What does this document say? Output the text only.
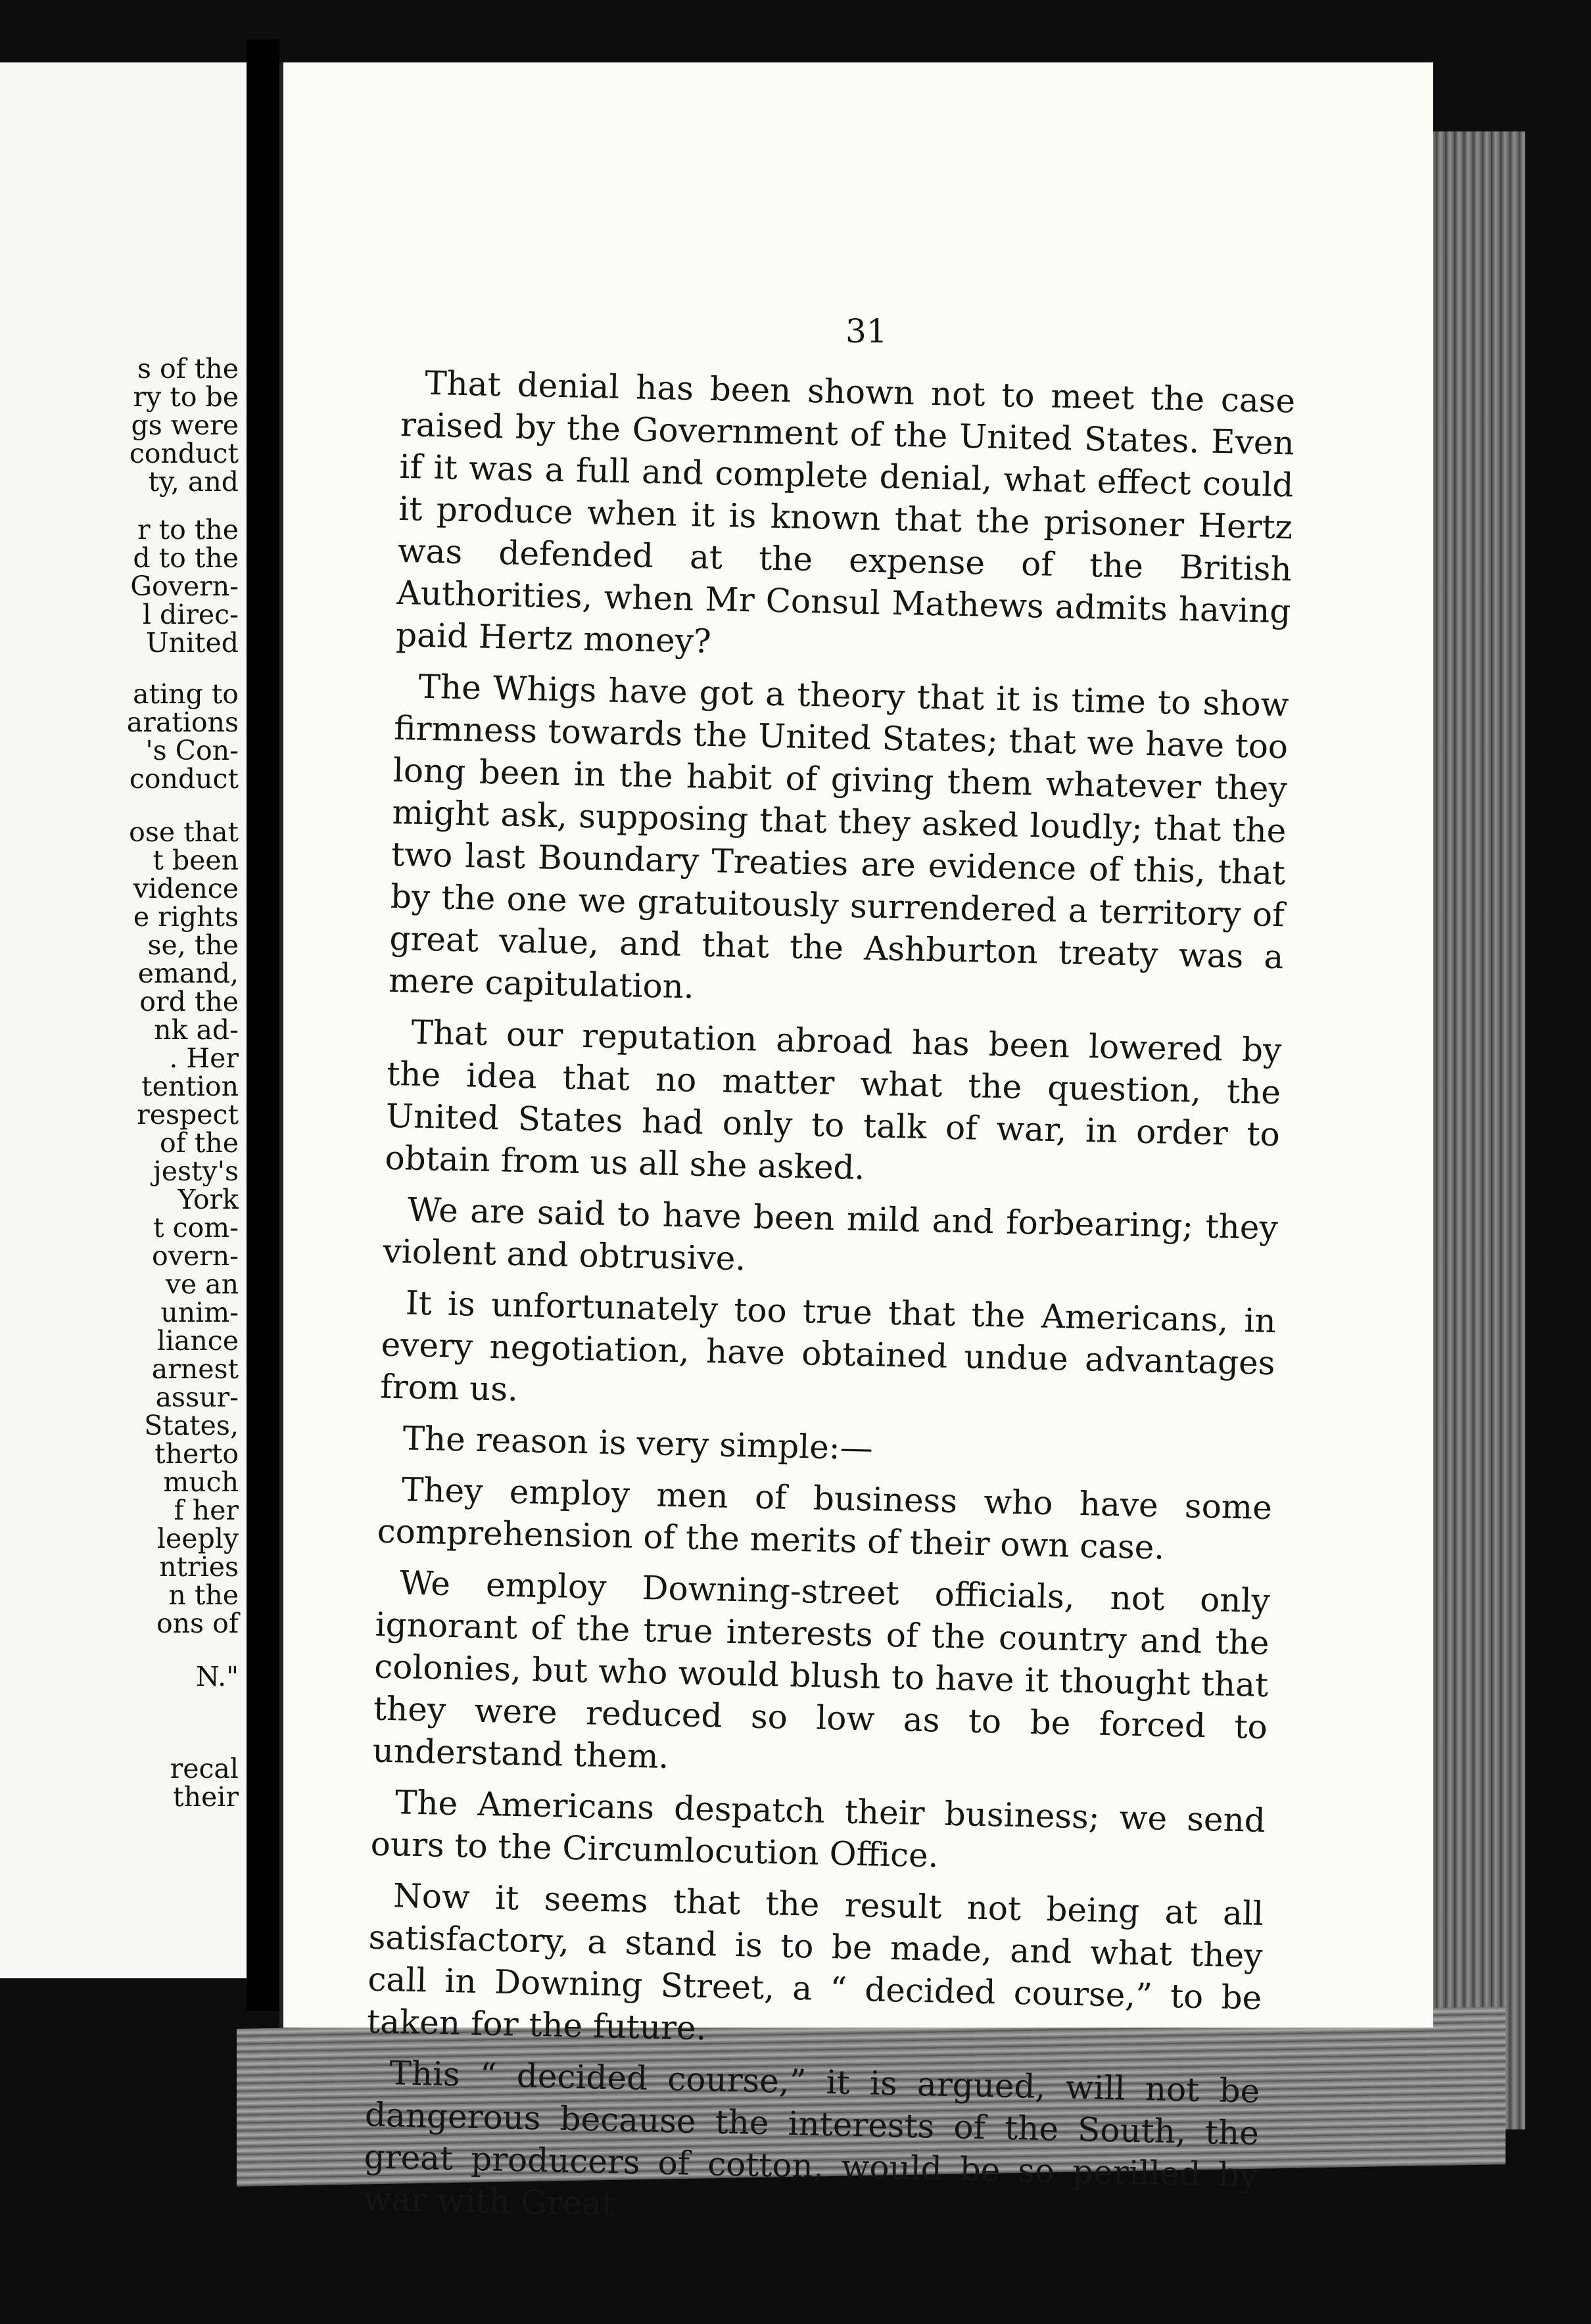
s of the
ry to be
gs were
conduct
ty, and
r to the
d to the
Govern-
l direc-
United
ating to
arations
's Con-
conduct
ose that
t been
vidence
e rights
se, the
emand,
ord the
nk ad-
. Her
tention
respect
of the
jesty's
York
t com-
overn-
ve an
unim-
liance
arnest
assur-
States,
therto
much
f her
leeply
ntries
n the
ons of
N."
recal
their
31

That denial has been shown not to meet the case raised by the Government of the United States. Even if it was a full and complete denial, what effect could it produce when it is known that the prisoner Hertz was defended at the expense of the British Authorities, when Mr Consul Mathews admits having paid Hertz money?

The Whigs have got a theory that it is time to show firmness towards the United States; that we have too long been in the habit of giving them whatever they might ask, supposing that they asked loudly; that the two last Boundary Treaties are evidence of this, that by the one we gratuitously surrendered a territory of great value, and that the Ashburton treaty was a mere capitulation.

That our reputation abroad has been lowered by the idea that no matter what the question, the United States had only to talk of war, in order to obtain from us all she asked.

We are said to have been mild and forbearing; they violent and obtrusive.

It is unfortunately too true that the Americans, in every negotiation, have obtained undue advantages from us.

The reason is very simple:—

They employ men of business who have some comprehension of the merits of their own case.

We employ Downing-street officials, not only ignorant of the true interests of the country and the colonies, but who would blush to have it thought that they were reduced so low as to be forced to understand them.

The Americans despatch their business; we send ours to the Circumlocution Office.

Now it seems that the result not being at all satisfactory, a stand is to be made, and what they call in Downing Street, a “ decided course,” to be taken for the future.

This “ decided course,” it is argued, will not be dangerous because the interests of the South, the great producers of cotton, would be so perilled by war with Great
